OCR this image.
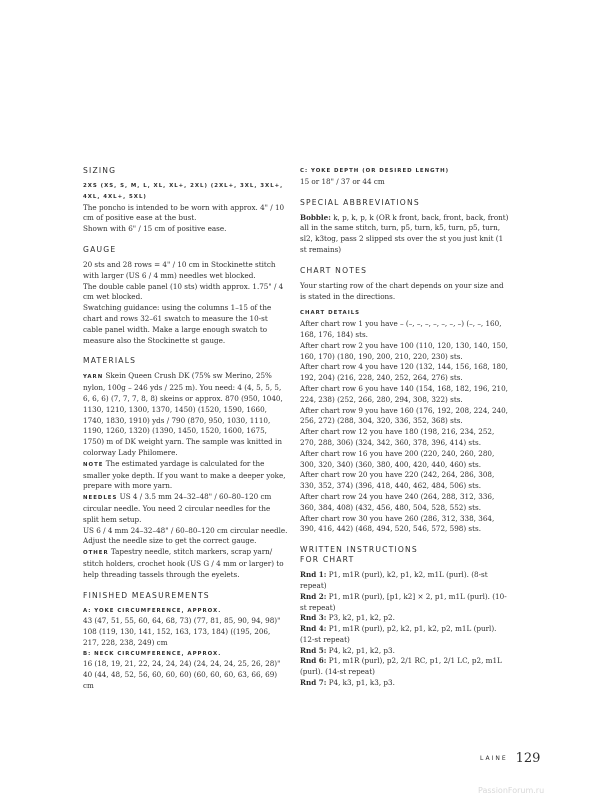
SIZING

2XS (XS, S, M, L, XL, XL+, 2XL) (2XL+, 3XL, 3XL+, 4XL, 4XL+, 5XL)

The poncho is intended to be worn with approx. 4" / 10 cm of positive ease at the bust.
Shown with 6" / 15 cm of positive ease.

GAUGE

20 sts and 28 rows = 4" / 10 cm in Stockinette stitch with larger (US 6 / 4 mm) needles wet blocked.
The double cable panel (10 sts) width approx. 1.75" / 4 cm wet blocked.
Swatching guidance: using the columns 1–15 of the chart and rows 32–61 swatch to measure the 10-st cable panel width. Make a large enough swatch to measure also the Stockinette st gauge.

MATERIALS

YARN Skein Queen Crush DK (75% sw Merino, 25% nylon, 100g – 246 yds / 225 m). You need: 4 (4, 5, 5, 5, 6, 6, 6) (7, 7, 7, 8, 8) skeins or approx. 870 (950, 1040, 1130, 1210, 1300, 1370, 1450) (1520, 1590, 1660, 1740, 1830, 1910) yds / 790 (870, 950, 1030, 1110, 1190, 1260, 1320) (1390, 1450, 1520, 1600, 1675, 1750) m of DK weight yarn. The sample was knitted in colorway Lady Philomere.

NOTE The estimated yardage is calculated for the smaller yoke depth. If you want to make a deeper yoke, prepare with more yarn.

NEEDLES US 4 / 3.5 mm 24–32–48" / 60–80–120 cm circular needle. You need 2 circular needles for the split hem setup.
US 6 / 4 mm 24–32–48" / 60–80–120 cm circular needle. Adjust the needle size to get the correct gauge.

OTHER Tapestry needle, stitch markers, scrap yarn/ stitch holders, crochet hook (US G / 4 mm or larger) to help threading tassels through the eyelets.

FINISHED MEASUREMENTS

A: YOKE CIRCUMFERENCE, APPROX.

43 (47, 51, 55, 60, 64, 68, 73) (77, 81, 85, 90, 94, 98)"
108 (119, 130, 141, 152, 163, 173, 184) ((195, 206, 217, 228, 238, 249) cm

B: NECK CIRCUMFERENCE, APPROX.

16 (18, 19, 21, 22, 24, 24, 24) (24, 24, 24, 25, 26, 28)"
40 (44, 48, 52, 56, 60, 60, 60) (60, 60, 60, 63, 66, 69) cm

C: YOKE DEPTH (OR DESIRED LENGTH)

15 or 18" / 37 or 44 cm

SPECIAL ABBREVIATIONS

Bobble: k, p, k, p, k (OR k front, back, front, back, front) all in the same stitch, turn, p5, turn, k5, turn, p5, turn, sl2, k3tog, pass 2 slipped sts over the st you just knit (1 st remains)

CHART NOTES

Your starting row of the chart depends on your size and is stated in the directions.

CHART DETAILS

After chart row 1 you have – (–, –, –, –, –, –, –) (–, –, 160, 168, 176, 184) sts.

After chart row 2 you have 100 (110, 120, 130, 140, 150, 160, 170) (180, 190, 200, 210, 220, 230) sts.

After chart row 4 you have 120 (132, 144, 156, 168, 180, 192, 204) (216, 228, 240, 252, 264, 276) sts.

After chart row 6 you have 140 (154, 168, 182, 196, 210, 224, 238) (252, 266, 280, 294, 308, 322) sts.

After chart row 9 you have 160 (176, 192, 208, 224, 240, 256, 272) (288, 304, 320, 336, 352, 368) sts.

After chart row 12 you have 180 (198, 216, 234, 252, 270, 288, 306) (324, 342, 360, 378, 396, 414) sts.

After chart row 16 you have 200 (220, 240, 260, 280, 300, 320, 340) (360, 380, 400, 420, 440, 460) sts.

After chart row 20 you have 220 (242, 264, 286, 308, 330, 352, 374) (396, 418, 440, 462, 484, 506) sts.

After chart row 24 you have 240 (264, 288, 312, 336, 360, 384, 408) (432, 456, 480, 504, 528, 552) sts.

After chart row 30 you have 260 (286, 312, 338, 364, 390, 416, 442) (468, 494, 520, 546, 572, 598) sts.

WRITTEN INSTRUCTIONS FOR CHART

Rnd 1: P1, m1R (purl), k2, p1, k2, m1L (purl). (8-st repeat)

Rnd 2: P1, m1R (purl), [p1, k2] × 2, p1, m1L (purl). (10-st repeat)

Rnd 3: P3, k2, p1, k2, p2.

Rnd 4: P1, m1R (purl), p2, k2, p1, k2, p2, m1L (purl). (12-st repeat)

Rnd 5: P4, k2, p1, k2, p3.

Rnd 6: P1, m1R (purl), p2, 2/1 RC, p1, 2/1 LC, p2, m1L (purl). (14-st repeat)

Rnd 7: P4, k3, p1, k3, p3.

LAINE 129
PassionForum.ru
